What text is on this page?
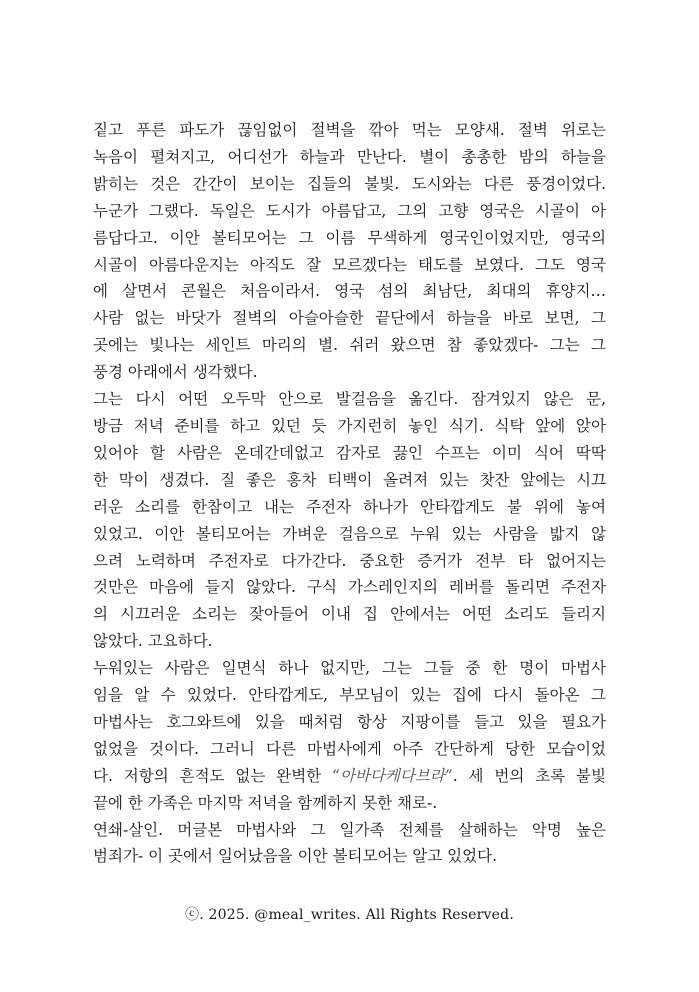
짙고 푸른 파도가 끊임없이 절벽을 깎아 먹는 모양새. 절벽 위로는
녹음이 펼쳐지고, 어디선가 하늘과 만난다. 별이 총총한 밤의 하늘을
밝히는 것은 간간이 보이는 집들의 불빛. 도시와는 다른 풍경이었다.
누군가 그랬다. 독일은 도시가 아름답고, 그의 고향 영국은 시골이 아
름답다고. 이안 볼티모어는 그 이름 무색하게 영국인이었지만, 영국의
시골이 아름다운지는 아직도 잘 모르겠다는 태도를 보였다. 그도 영국
에 살면서 콘월은 처음이라서. 영국 섬의 최남단, 최대의 휴양지…
사람 없는 바닷가 절벽의 아슬아슬한 끝단에서 하늘을 바로 보면, 그
곳에는 빛나는 세인트 마리의 별. 쉬러 왔으면 참 좋았겠다- 그는 그
풍경 아래에서 생각했다.

그는 다시 어떤 오두막 안으로 발걸음을 옮긴다. 잠겨있지 않은 문,
방금 저녁 준비를 하고 있던 듯 가지런히 놓인 식기. 식탁 앞에 앉아
있어야 할 사람은 온데간데없고 감자로 끓인 수프는 이미 식어 딱딱
한 막이 생겼다. 질 좋은 홍차 티백이 올려져 있는 찻잔 앞에는 시끄
러운 소리를 한참이고 내는 주전자 하나가 안타깝게도 불 위에 놓여
있었고. 이안 볼티모어는 가벼운 걸음으로 누워 있는 사람을 밟지 않
으려 노력하며 주전자로 다가간다. 중요한 증거가 전부 타 없어지는
것만은 마음에 들지 않았다. 구식 가스레인지의 레버를 돌리면 주전자
의 시끄러운 소리는 잦아들어 이내 집 안에서는 어떤 소리도 들리지
않았다. 고요하다.

누워있는 사람은 일면식 하나 없지만, 그는 그들 중 한 명이 마법사
임을 알 수 있었다. 안타깝게도, 부모님이 있는 집에 다시 돌아온 그
마법사는 호그와트에 있을 때처럼 항상 지팡이를 들고 있을 필요가
없었을 것이다. 그러니 다른 마법사에게 아주 간단하게 당한 모습이었
다. 저항의 흔적도 없는 완벽한 “아바다케다브라”. 세 번의 초록 불빛
끝에 한 가족은 마지막 저녁을 함께하지 못한 채로-.

연쇄-살인. 머글본 마법사와 그 일가족 전체를 살해하는 악명 높은
범죄가- 이 곳에서 일어났음을 이안 볼티모어는 알고 있었다.

ⓒ. 2025. @meal_writes. All Rights Reserved.
